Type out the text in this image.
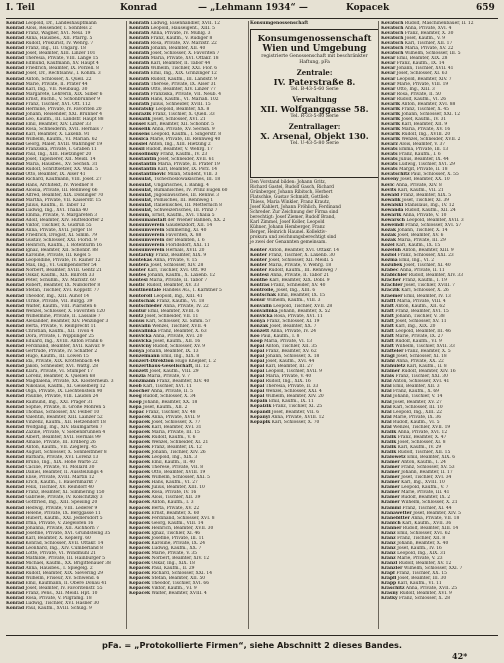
I. Teil	Konrad	— „Lehmann 1934“ —	Kopacek	659
Konrad Leopold, Dr., Landeshauptmann
Konrad Alois, Reisender, I. Sonnfels 2
Konrad Franz, Wagner, XVI. Neul. 19
Konrad Anna, Hausbes., XII. Pfarrg. 5
Konrad Rudolf, Prokurist, IV. Wehrg. 7
Konrad Franz, Ing., III. Ungarg. 18
Konrad Josef, Beamter, XIII. Linzer 101
Konrad Theresia, Private, VIII. Lange 15
Konrad Edmund, Kaufmann, XV. Haupt 4
Konrad Friedrich, Beamter, IX. Porzell. 8
Konrad Josef, Dr., Rechtsanw., I. Kohlm. 3
Konrad Anton, Schlosser, X. Quell. 22
Konrad Marie, Private, II. Prater 44
Konrad Karl, Ing., VII. Neubaug. 30
Konrad Margarete, Lehrerin, XIX. Silber 6
Konrad Ernst, Buchh., V. Schönbrunner 9
Konrad Franz, Tischler, XVI. Ott. 112
Konrad Hermine, Private, IV. Favoriten 20
Konrad Johann, Reisender, XXI. Brünner 4
Konrad Leo, Kaufm., III. Landstr. Haupt 88
Konrad Emil, Beamter, XIV. Linzer 33
Konrad Rosa, Schneiderin, XVII. Hernals 7
Konrad Karl, Beamter, X. Laxenb. 91
Konrad Wilhelm, Kaufm., VI. Mariah. 62
Konrad Georg, Maler, XVIII. Währinger 19
Konrad Franziska, Private, I. Graben 11
Konrad Paul, Ing., XIII. Hietzinger 20
Konrad Josef, Tapezierer, XII. Meidl. 14
Konrad Maria, Hausbes., XV. Sechsh. 31
Konrad Rudolf, Schriftsetzer, XX. Wall. 5
Konrad Otto, Beamter, IX. Alser 41
Konrad Richard, Kaufmann, VIII. Josef. 27
Konrad Hans, Architekt, IV. Wiedner 8
Konrad Aloisia, Private, III. Rennweg 66
Konrad Alfred, Beamter, XIX. Döblinger 70
Konrad Martha, Private, VII. Kaiserstr. 15
Konrad Julius, Kaufm., II. Tabor 12
Konrad Ludwig, Ing., XVI. Thalia 40
Konrad Emma, Private, V. Margareten 3
Konrad Adolf, Beamter, XIV. Hütteldorfer 2
Konrad Viktor, Tischler, X. Gudrun 55
Konrad Anna, Private, XVII. Jörger 18
Konrad Friedrich, Drogist, XI. Simm. 79
Konrad Gustav, Schlosser, XXI. Florid. 9
Konrad Heinrich, Kaufm., I. Rotenturm 16
Konrad Ignaz, Beamter, XII. Schönbr. 88
Konrad Karoline, Private, III. Kegel 5
Konrad Leopoldine, Private, IV. Rainer 12
Konrad Max, Ing., VI. Gumpendorfer 54
Konrad Norbert, Beamter, XVIII. Gentz 21
Konrad Oskar, Kaufm., XIX. Billroth 33
Konrad Peter, Schuhm., XV. Märzstr. 60
Konrad Robert, Beamter, IX. Nußdorfer 8
Konrad Stefan, Tischler, XVI. Koppstr. 77
Konrad Theodor, Ing., XIII. Auhof 14
Konrad Ulrike, Private, VII. Burgg. 39
Konrad Walter, Kaufm., VIII. Piaristen 6
Konrad Wenzel, Schlosser, X. Favoriten 120
Konrad Wilhelmine, Private, II. Lassalle 7
Konrad Alexander, Beamter, XIV. Penzinger 3
Konrad Berta, Private, V. Reinprecht 11
Konrad Christian, Kaufm., XII. Tivoli 4
Konrad Dora, Private, I. Wipplinger 25
Konrad Eduard, Ing., XVIII. Anton Frank 6
Konrad Ferdinand, Beamter, XVII. Kalvar. 9
Konrad Gertrude, Private, IV. Schäffer 2
Konrad Hugo, Kaufm., III. Löwen 15
Konrad Ida, Private, XIX. Krottenbach 44
Konrad Jakob, Schneider, XVI. Wattg. 28
Konrad Klara, Private, VI. Stumper 17
Konrad Lorenz, Beamter, X. Quellen 68
Konrad Magdalena, Private, XX. Klosterneub. 3
Konrad Nikolaus, Kaufm., XI. Geiselberg 12
Konrad Olga, Private, IX. Liechtenstein 90
Konrad Pauline, Private, VIII. Laudon 24
Konrad Raimund, Ing., XXI. Prager 31
Konrad Sophie, Private, II. Große Mohren 5
Konrad Thomas, Schlosser, XV. Felber 10
Konrad Valentin, Beamter, XIII. Lainzer 52
Konrad Vinzenz, Kaufm., XII. Hetzendorf 18
Konrad Wolfgang, Ing., XIV. Baumgarten 7
Konrad Zäzilie, Private, V. Siebenbrunnen 4
Konrad Albert, Beamter, XVII. Hernals 99
Konrad Amalie, Private, III. Erdberg 26
Konrad Anton, Kaufm., VII. Zieglerg. 45
Konrad August, Schlosser, X. Sonnleithner 8
Konrad Barbara, Private, XVI. Lorenz 13
Konrad Bruno, Ing., XIX. Hohe Warte 22
Konrad Cäcilie, Private, VI. Mollard 30
Konrad Daniel, Beamter, II. Ausstellungs 4
Konrad Elise, Private, XVIII. Martin 12
Konrad Erich, Kaufm., I. Bauernmarkt 7
Konrad Felix, Tischler, XV. Reindorf 40
Konrad Franz, Beamter, XI. Simmering 150
Konrad Gabriele, Private, IV. Kolschitzky 3
Konrad Gottfried, Ing., XIII. Speising 20
Konrad Hedwig, Private, VIII. Lederer 9
Konrad Helene, Private, IX. Berggasse 11
Konrad Hubert, Kaufm., XXI. Jedlersdorf 5
Konrad Irma, Private, V. Ziegelofen 16
Konrad Johanna, Private, XII. Aichhorn 7
Konrad Josefine, Private, XVI. Grundsteing 35
Konrad Karl, Beamter, X. Keplerg. 60
Konrad Konrad, Schlosser, XVII. Ottakr. 14
Konrad Leonhard, Ing., XIV. Cumberland 8
Konrad Lotte, Private, VI. Windmühl 21
Konrad Mathilde, Private, III. Hainburger 5
Konrad Michael, Kaufm., XX. Brigittenauer 38
Konrad Anna, Hausbes., I. Spiegelg. 2
Konrad Rudolf, Beamter, XIX. Sievering 29
Konrad Wilhelm, Friseur, XV. Schwend. 6
Konrad Emil, Kaufmann, II. Obere Donau 41
Konrad Josef, Beamter, IV. Favoritenstr. 55
Konrad Franz, Pens., XII. Meidl. Hpt. 10
Konrad Rosa, Private, V. Pilgramg. 18
Konrad Ludwig, Tischler, XVI. Hasner 30
Konrad Paul, Kaufm., XVIII. Schulg. 9
Konrath Ludwig, Eisenhändler, XVII. 12
Konrath Leopold, Hauseigent., XIII. 5
Konrath Anna, Private, IV. Mühlg. 3
Konrath Franz, Kaufm., V. Rüdiger 8
Konrath Rosa, Private, XV. Märzstr. 22
Konrath Johann, Beamter, XII. 40
Konrath Josef, Schlosser, X. Favoriten 7
Konrath Maria, Private, XVI. Ottakr. 18
Konrath Karl, Beamter, II. Tabor 44
Konrath Wilhelm, Tischler, XXI. Flor. 6
Konrath Emil, Ing., XIX. Grinzinger 12
Konrath Rudolf, Kaufm., III. Landstr. 9
Konrath Therese, Private, IX. Alser 31
Konrath Otto, Beamter, XIV. Linzer 77
Konrath Franziska, Private, VII. Neub. 4
Konrath Hans, Kaufm., VI. Mariah. 102
Konrath Julius, Schneider, XVIII. 15
Konratsky Leopold, Beamter, XX. 8
Konrazik Franz, Tischler, X. Quell. 33
Konsalik Josef, Schlosser, XVI. 21
Konsel Karl, Beamter, XII. Schönbr. 5
Konselik Anna, Private, XV. Sechsh. 9
Konsens Leopold, Kaufm., I. Singerstr. 8
Konsica Marie, Private, III. Rennweg 40
Konsiel Anton, Ing., XIII. Hietzing 2
Konsil Rudolf, Beamter, V. Wehrg. 17
Konsolinsky Franz, Kaufm., IV. 23
Konstantin Josef, Schneider, XVII. 61
Konstantin Maria, Private, II. Prater 19
Konstantin Karl, Beamter, IX. Porz. 14
Konstantinovic Milan, Student, VIII. 3
Konsulat, Tschechoslowakisches, III. 18
Konsulat, Ungarisches, I. Bankg. 4
Konsulat, Rumänisches, IV. Prinz Eugen 60
Konsulat, Jugoslawisches, III. Rennw. 3
Konsulat, Polnisches, III. Rennweg 1
Konsulat, Italienisches, III. Metternich 8
Konsulat, Schweizerisches, III. Prinz 7
Konsum, Ernst, Kaufm., XVI. Thalia 5
Konsumanstalt der Wiener Bahnen, XX. 2
Konsumverein Gaudenzdorf, XII. 14
Konsumverein Simmering, XI. 40
Konsumverein Favoriten, X. 88
Konsumverein der Beamten, I. 6
Konsumverein Floridsdorf, XXI. 11
Konsumverein Hernals, XVII. 20
Kontarsky Franz, Beamter, XIX. 9
Kontekas Anna, Private, V. 15
Kontera Josef, Schlosser, XIV. 28
Konter Karl, Tischler, XVI. Ott. 90
Kontes Johann, Kaufm., X. Laxenb. 12
Kontesi Maria, Private, II. Tabor 7
Kontic Rudolf, Beamter, XV. 33
Kontinentale Handels AG., I. Kärntner 5
Kontoroll Leopold, Ing., XIII. 41
Kontschak Franz, Kaufm., VI. 18
Kontschieder Anna, Private, IV. 22
Kontur Emil, Beamter, XVIII. 6
Kontz Josef, Schneider, VII. 11
Konus Karl, Schlosser, XI. Simm. 57
Konvalin Wenzel, Tischler, XVII. 4
Konvalinka Franz, Beamter, X. 63
Konvicka Anna, Private, XVI. 20
Konvička Josef, Kaufm., XII. 16
Konvicny Rudolf, Schlosser, XV. 9
Konya Johann, Beamter, IX. 13
Konzelmann Emil, Ing., XIX. 8
Konzert-Direktion Hugo Knepler, I. 2
Konzerthaus-Gesellschaft, III. 12
Konzett Josef, Kaufm., VIII. 29
Konzia Maria, Private, V. 7
Konzmann Franz, Beamter, XIV. 40
Koob Karl, Tischler, XVI. 11
Koocher Anna, Private, II. 5
Koog Rudolf, Schlosser, X. 34
Koop Johann, Beamter, XX. 18
Kopa Josef, Kaufm., XII. 2
Kopac Franz, Tischler, XV. 48
Kopacek Anna, Private, XVII. 9
Kopacek Josef, Schlosser, X. 77
Kopacek Karl, Beamter, XVI. 31
Kopacek Maria, Private, III. 15
Kopacek Rudolf, Kaufm., V. 6
Kopacek Wenzel, Schneider, XI. 21
Kopacek Franz, Beamter, IX. 12
Kopacek Johann, Tischler, XIV. 26
Kopacek Leopold, Ing., XIX. 3
Kopacek Emil, Kaufm., II. 40
Kopacek Therese, Private, VII. 8
Kopacek Otto, Beamter, XVIII. 19
Kopacek Wilhelm, Schlosser, XXI. 5
Kopacek Hans, Kaufm., VI. 27
Kopacek Julius, Beamter, XIII. 10
Kopacek Rosa, Private, IV. 16
Kopacek Alois, Tischler, XII. 39
Kopacek Anton, Kaufm., I. 3
Kopacek Berta, Private, XV. 22
Kopacek Ernst, Beamter, X. 60
Kopacek Ferdinand, Schlosser, XVI. 8
Kopacek Georg, Kaufm., VIII. 14
Kopacek Heinrich, Beamter, XVII. 30
Kopacek Ignaz, Tischler, XI. 46
Kopacek Josefine, Private, III. 11
Kopacek Karoline, Private, IX. 24
Kopacek Ludwig, Kaufm., XX. 7
Kopacek Marie, Private, V. 35
Kopacek Norbert, Beamter, XIV. 12
Kopacek Oskar, Ing., XIX. 18
Kopacek Paul, Kaufm., II. 29
Kopacek Richard, Schlosser, XXI. 14
Kopacek Stefan, Beamter, XII. 50
Kopacek Theodor, Tischler, XVI. 66
Kopacek Viktor, Kaufm., VI. 9
Kopacek Walter, Beamter, XVIII. 4
Konsumgenossenschaft
Konsumgenossenschaft
Wien und Umgebung
registrierte Genossenschaft mit beschränkter Haftung, pFa
Zentrale:
IV. Paterstraße 8.
Tel. B-43-5-60 Serie
Verwaltung
XII. Wolfganggasse 58.
Tel. R-33-5-80 Serie
Zentrallager:
X. Arsenal, Objekt 130.
Tel. U-43-5-80 Serie
Den Vorstand bilden: Johann Gritz,
Richard Gastel, Rudolf Gasch, Richard
Grünberger, Johann Ribitsch, Herbert
Flatschke, Gustav Schmidt, Gottlieb
Thiess, Maria Winkler, Franz Krautz,
Josef Kahlert, Johann Fröhlich, Ferdinand
Schreder. Zur Zeichnung der Firma sind
berechtigt: Josef Ziemer, Rudolf Brand,
Karl Zimmel, Josef Koller, Leopold
Kühner, Johann Hemberger, Franz
Berger, Heinrich Haunel. Kollektiv-
prokura und zeichnungsberechtigt sind
je zwei der Genannten gemeinsam.
Konter Anton, Beamter, XVI. Ottakr. 14
Konter Franz, Tischler, X. Laxenb. 30
Konter Josef, Schlosser, XII. Meidl. 5
Konter Maria, Private, V. Wehrg. 18
Konter Rudolf, Kaufm., III. Rennweg 7
Kontesi Anna, Private, II. Tabor 21
Konthe Karl, Beamter, XIX. Döbl. 9
Kontras Franz, Schneider, XV. 40
Kontrolle, Josef, Ing., XIII. 6
Kontschak Emil, Beamter, IX. 15
Konur Wilhelm, Kaufm., VIII. 3
Konvalin Leopold, Tischler, XVII. 28
Konvalinka Johann, Beamter, X. 52
Konvicka Rosa, Private, XVI. 11
Konya Franz, Schlosser, XI. 19
Konzak Josef, Beamter, XX. 7
Konzett Anna, Private, IV. 24
Koó Paul, Kaufm., I. 8
Koop Maria, Private, VI. 13
Kopal Anton, Tischler, XII. 35
Kopal Franz, Beamter, XV. 62
Kopal Johann, Schlosser, X. 18
Kopal Josef, Kaufm., XVI. 44
Kopal Karl, Beamter, III. 27
Kopal Leopold, Tischler, XVII. 9
Kopal Maria, Private, V. 40
Kopal Rudolf, Ing., XIX. 16
Kopal Theresia, Private, II. 33
Kopal Wenzel, Schlosser, XXI. 4
Kopal Wilhelm, Beamter, XIV. 20
Kopaln Emil, Kaufm., IX. 11
Kopalzik Franz, Tischler, XI. 25
Kopandl Josef, Beamter, VII. 6
Kopanyi Anna, Private, XVIII. 12
Kopaplk Karl, Schlosser, X. 70
Kovatsch Rudolf, Maschinenbauer, II. 12
Kovatsch Anna, Private, XVI. 4
Kovatsch Franz, Beamter, X. 30
Kovatsch Josef, Kaufm., V. 9
Kovatsch Karl, Tischler, XII. 17
Kovatsch Maria, Private, XV. 22
Kovatsch Wilhelm, Schlosser, III. 5
Kovar Emil, Beamter, XIX. 28
Kovar Franz, Kaufm., IX. 14
Kovar Johann, Tischler, XVII. 41
Kovar Josef, Schlosser, XI. 63
Kovar Leopold, Beamter, XIV. 7
Kovar Marie, Private, VIII. 19
Kovar Otto, Ing., XIII. 3
Kovar Rosa, Private, II. 50
Kovar Rudolf, Kaufm., VI. 26
Kovarik Anton, Beamter, XVI. 88
Kovarik Franz, Tischler, X. 45
Kovarik Johann, Schlosser, XXI. 12
Kovarik Josef, Kaufm., IV. 31
Kovarik Karl, Beamter, XII. 9
Kovarik Maria, Private, XV. 16
Kovarik Rudolf, Ing., XVIII. 20
Kovarik Wenzel, Schneider, XVII. 2
Kovarz Alois, Beamter, V. 37
Kovats Emma, Private, III. 13
Kovats Franz, Kaufm., I. 6
Kovats Julius, Beamter, IX. 44
Kovats Ludwig, Tischler, XVI. 29
Kovats Margit, Private, II. 18
Kovatschitz Paul, Schlosser, X. 55
Koveny Josef, Beamter, XX. 10
Kovic Anna, Private, XIV. 8
Kovits Karl, Kaufm., VII. 21
Kowald Franz, Beamter, XIX. 5
Kowalik Josef, Tischler, XI. 39
Kowalski Stanislaus, Ing., IV. 12
Kowanda Rudolf, Kaufm., XII. 24
Kowarik Anna, Private, V. 10
Kowarsch Leopold, Beamter, XVII. 3
Koweindl Franz, Schlosser, XVI. 57
Kozak Johann, Tischler, X. 14
Kozak Josef, Beamter, XV. 6
Kozak Maria, Private, III. 29
Kozel Karl, Kaufm., IX. 15
Kozeluh Anton, Beamter, XIII. 9
Koziol Franz, Schlosser, XXI. 23
Kozma Emil, Ing., VI. 2
Kozubek Josef, Tischler, XI. 40
Krabec Anna, Private, II. 11
Krabichler Rudolf, Beamter, XIV. 33
Kracher Franz, Kaufm., I. 19
Krachler Josef, Tischler, XVIII. 7
Kraczik Karl, Schlosser, X. 26
Kraemer Emil, Beamter, IV. 13
Krafft Maria, Private, VIII. 4
Kraft Anton, Kaufm., XII. 62
Kraft Franz, Beamter, XVI. 15
Kraft Johann, Tischler, V. 38
Kraft Josef, Schlosser, XV. 11
Kraft Karl, Ing., XIX. 20
Kraft Leopold, Beamter, III. 46
Kraft Marie, Private, IX. 27
Kraft Rudolf, Kaufm., VI. 9
Kraft Wilhelm, Tischler, XVII. 33
Krafteler Franz, Beamter, X. 5
Kragl Josef, Schlosser, XI. 18
Krahl Anna, Private, XX. 22
Krahuletz Karl, Kaufm., II. 8
Krainer Rudolf, Beamter, XIV. 16
Krais Franz, Tischler, XXI. 30
Kral Anton, Schlosser, XVI. 41
Kral Emil, Beamter, XII. 3
Kral Franz, Kaufm., X. 69
Kral Johann, Tischler, V. 14
Kral Josef, Beamter, XV. 27
Kral Karl, Schlosser, III. 10
Kral Leopold, Ing., XIII. 22
Kral Marie, Private, IX. 36
Kral Rudolf, Kaufm., VI. 5
Kral Wenzel, Tischler, XVII. 19
Kralik Anna, Private, XVI. 12
Kralik Franz, Beamter, X. 47
Kralik Josef, Schlosser, XI. 8
Kralik Karl, Kaufm., IV. 29
Kralik Rudolf, Tischler, XII. 15
Kralowetz Emil, Beamter, XIX. 6
Kramer Anton, Kaufm., I. 24
Kramer Franz, Schlosser, XV. 53
Kramer Johann, Beamter, II. 17
Kramer Josef, Tischler, XVI. 34
Kramer Karl, Ing., XVIII. 10
Kramer Leopold, Kaufm., V. 7
Kramer Marie, Private, III. 41
Kramer Rudolf, Beamter, IX. 2
Kramer Wilhelm, Schlosser, X. 21
Kramml Franz, Tischler, XI. 44
Kranawetter Josef, Beamter, XIV. 5
Kranebitter Anna, Private, VII. 18
Kranich Karl, Kaufm., XVII. 36
Kranner Rudolf, Beamter, XIII. 14
Kranz Emil, Schlosser, XVI. 62
Kranz Franz, Tischler, XII. 8
Kranz Johann, Beamter, X. 40
Kranz Josef, Kaufm., IV. 16
Kranz Leopold, Ing., XIX. 31
Kranz Marie, Private, V. 23
Kranzl Rudolf, Beamter, XV. 12
Kranzler Wilhelm, Schlosser, XXI. 7
Krapf Franz, Tischler, XX. 15
Krapfl Josef, Beamter, III. 30
Krapp Karl, Kaufm., VI. 11
Kraschitz Anna, Private, XVII. 25
Krasny Rudolf, Beamter, XVI. 9
Kratky Franz, Schlosser, X. 28
pFa. = „Protokollierte Firmen“, siehe Abschnitt 2 dieses Bandes.
42*
